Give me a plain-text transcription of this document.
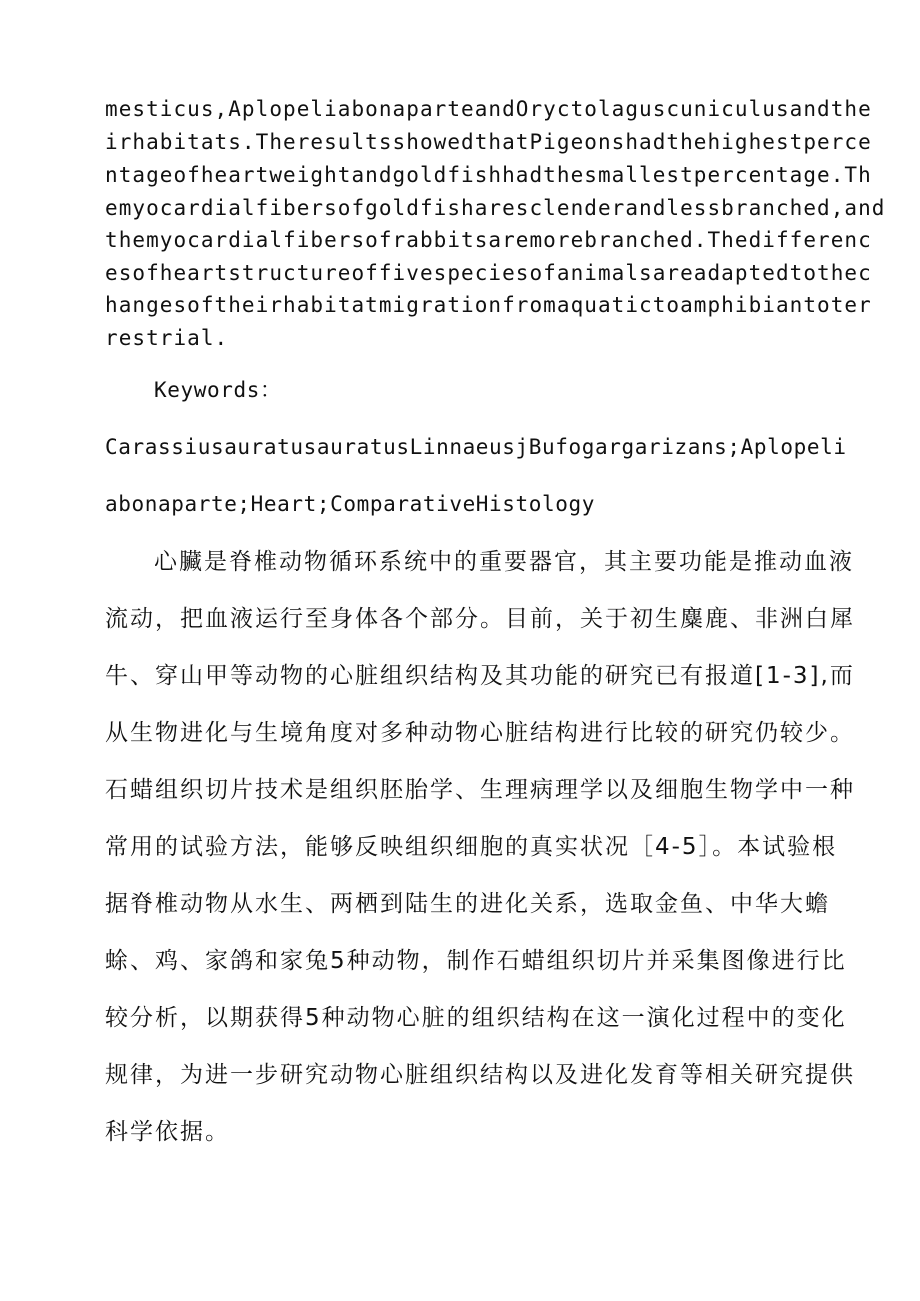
mesticus,AplopeliabonaparteandOryctolaguscuniculusandthe
irhabitats.TheresultsshowedthatPigeonshadthehighestperce
ntageofheartweightandgoldfishhadthesmallestpercentage.Th
emyocardialfibersofgoldfisharesclenderandlessbranched,and
themyocardialfibersofrabbitsaremorebranched.Thedifferenc
esofheartstructureoffivespeciesofanimalsareadaptedtothec
hangesoftheirhabitatmigrationfromaquatictoamphibiantoter
restrial.
Keywords：
CarassiusauratusauratusLinnaeusjBufogargarizans;Aplopeli
abonaparte;Heart;ComparativeHistology
心臟是脊椎动物循环系统中的重要器官，其主要功能是推动血液
流动，把血液运行至身体各个部分。目前，关于初生麋鹿、非洲白犀
牛、穿山甲等动物的心脏组织结构及其功能的研究已有报道[1-3],而
从生物进化与生境角度对多种动物心脏结构进行比较的研究仍较少。
石蜡组织切片技术是组织胚胎学、生理病理学以及细胞生物学中一种
常用的试验方法，能够反映组织细胞的真实状况［4-5］。本试验根
据脊椎动物从水生、两栖到陆生的进化关系，选取金鱼、中华大蟾
蜍、鸡、家鸽和家兔5种动物，制作石蜡组织切片并采集图像进行比
较分析，以期获得5种动物心脏的组织结构在这一演化过程中的变化
规律，为进一步研究动物心脏组织结构以及进化发育等相关研究提供
科学依据。
